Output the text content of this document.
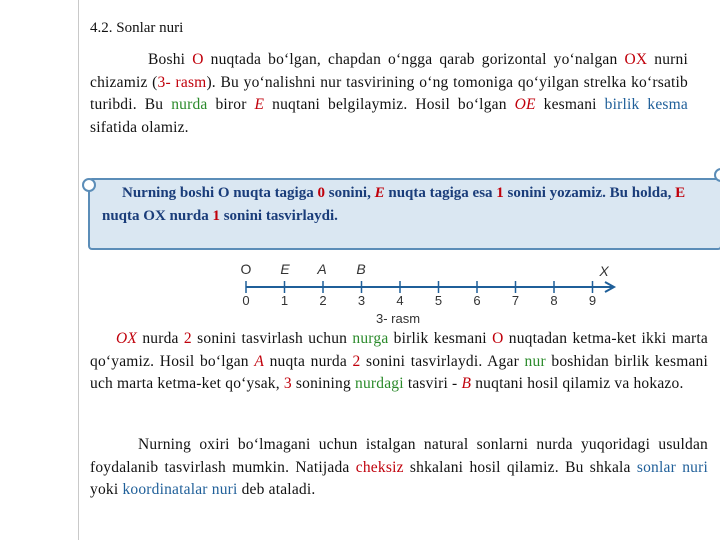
4.2. Sonlar nuri
Boshi O nuqtada bo‘lgan, chapdan o‘ngga qarab gorizontal yo‘nalgan OX nurni chizamiz (3- rasm). Bu yo‘nalishni nur tasvirining o‘ng tomoniga qo‘yilgan strelka ko‘rsatib turibdi. Bu nurda biror E nuqtani belgilaymiz. Hosil bo‘lgan OE kesmani birlik kesma sifatida olamiz.
Nurning boshi O nuqta tagiga 0 sonini, E nuqta tagiga esa 1 sonini yozamiz. Bu holda, E nuqta OX nurda 1 sonini tasvirlaydi.
0 1 2 3 4 5 6 7 8 9
O E A B	X
3- rasm
OX nurda 2 sonini tasvirlash uchun nurga birlik kesmani O nuqtadan ketma-ket ikki marta qo‘yamiz. Hosil bo‘lgan A nuqta nurda 2 sonini tasvirlaydi. Agar nur boshidan birlik kesmani uch marta ketma-ket qo‘ysak, 3 sonining nurdagi tasviri - B nuqtani hosil qilamiz va hokazo.
Nurning oxiri bo‘lmagani uchun istalgan natural sonlarni nurda yuqoridagi usuldan foydalanib tasvirlash mumkin. Natijada cheksiz shkalani hosil qilamiz. Bu shkala sonlar nuri yoki koordinatalar nuri deb ataladi.
